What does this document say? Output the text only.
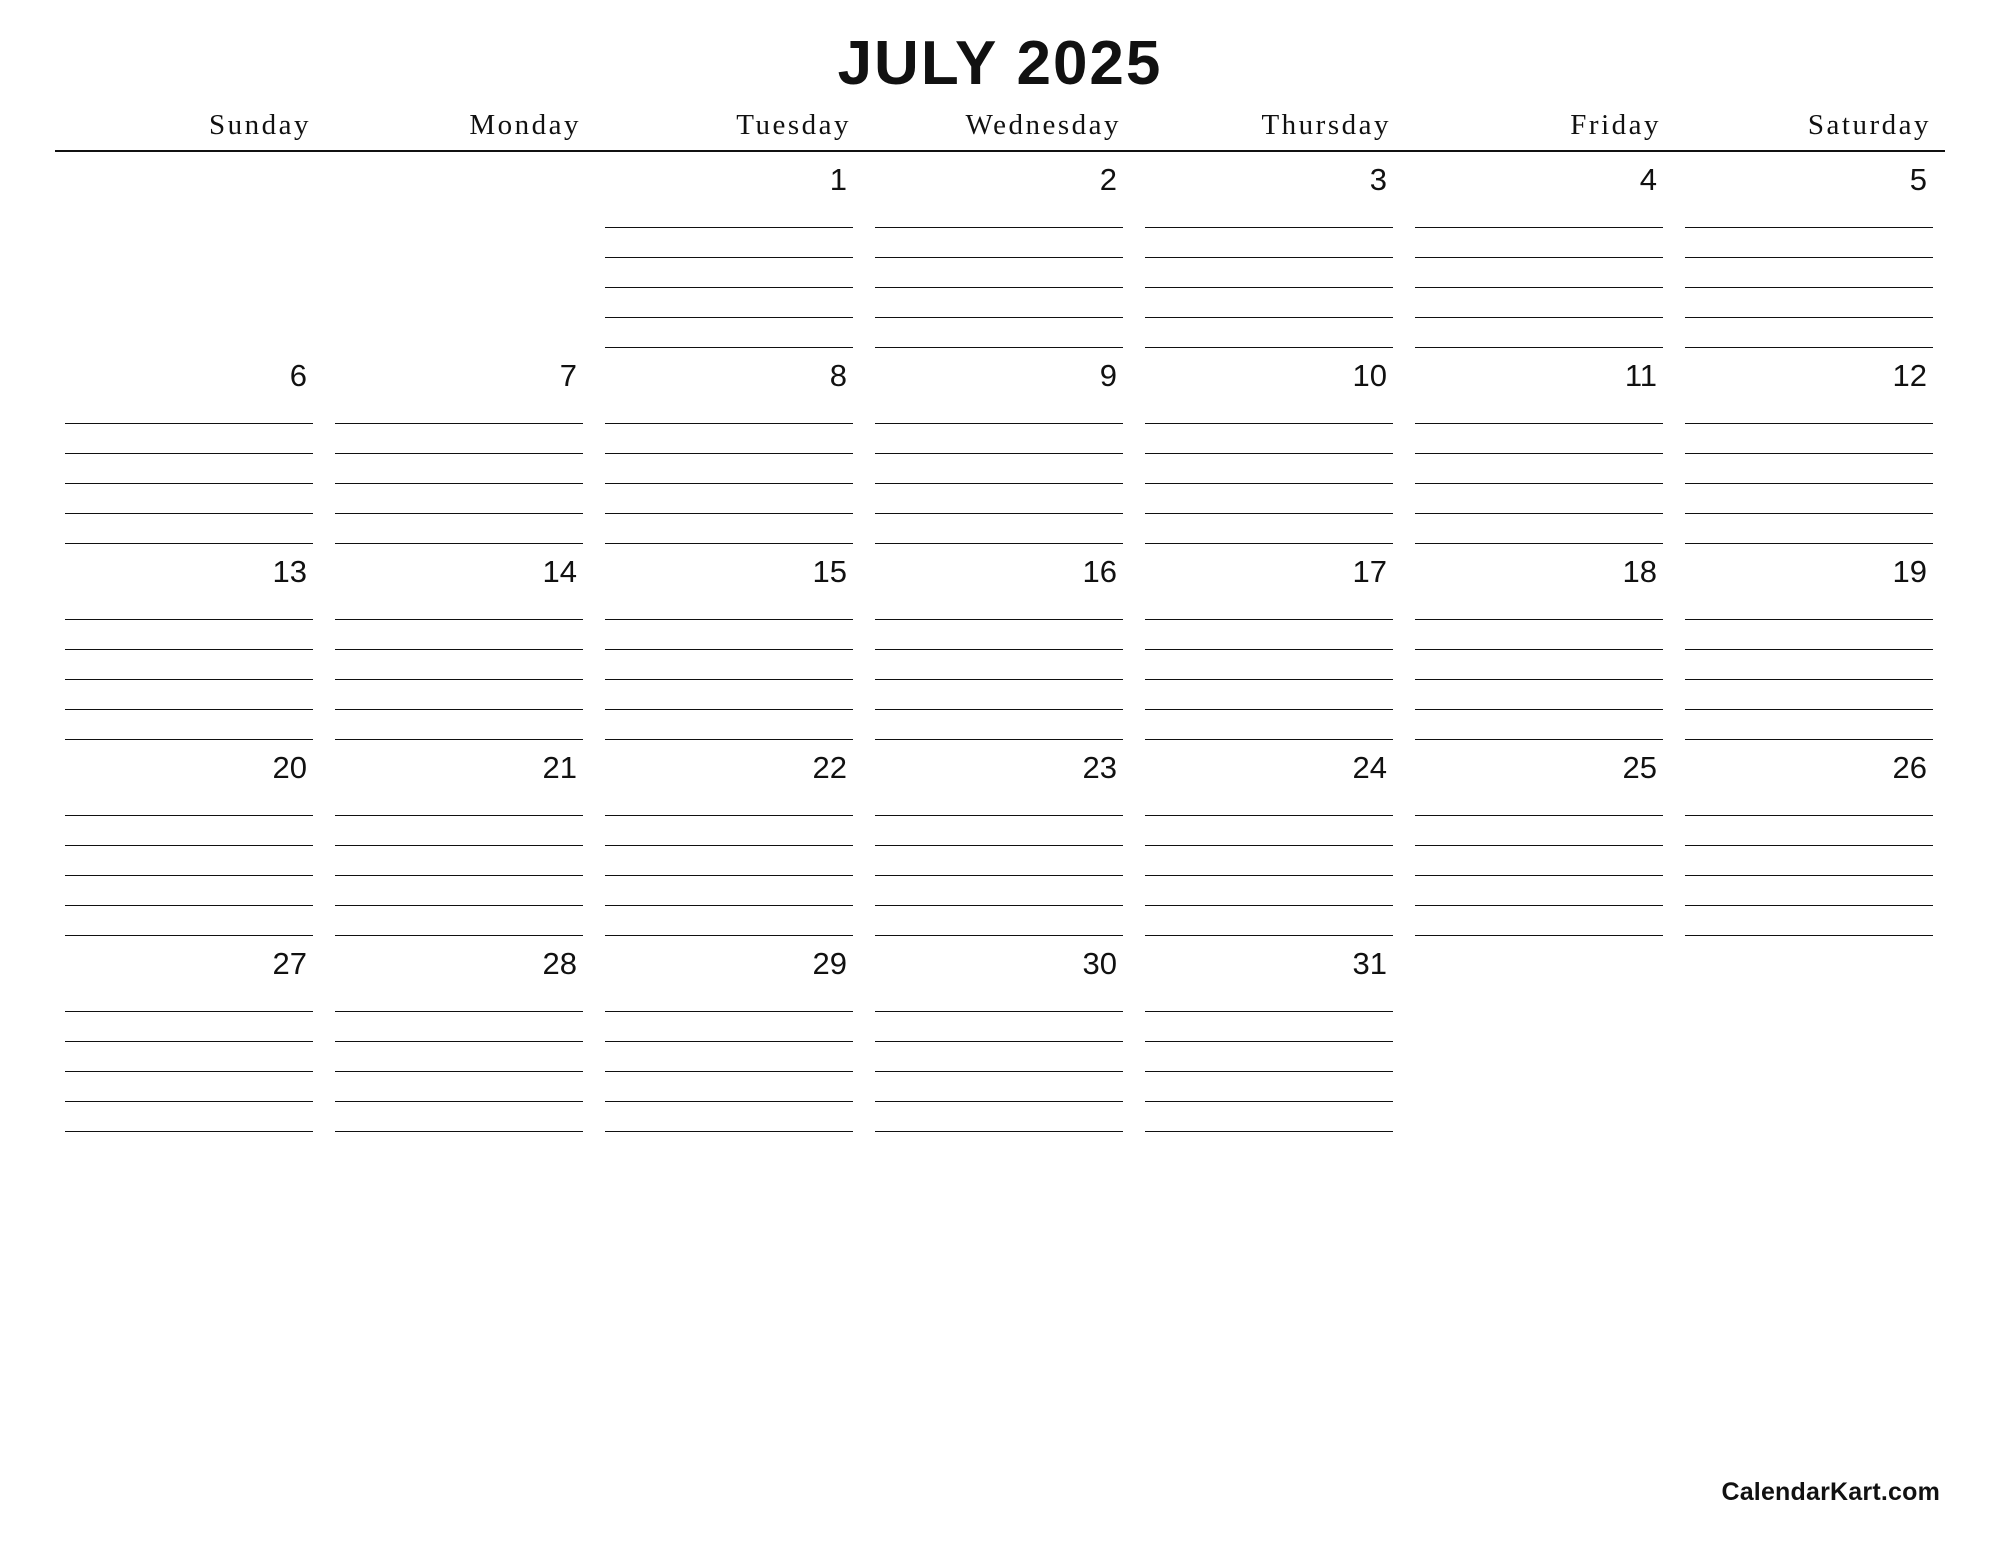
JULY 2025
Sunday	Monday	Tuesday	Wednesday	Thursday	Friday	Saturday

		1	2	3	4	5

6	7	8	9	10	11	12

13	14	15	16	17	18	19

20	21	22	23	24	25	26

27	28	29	30	31		

CalendarKart.com
